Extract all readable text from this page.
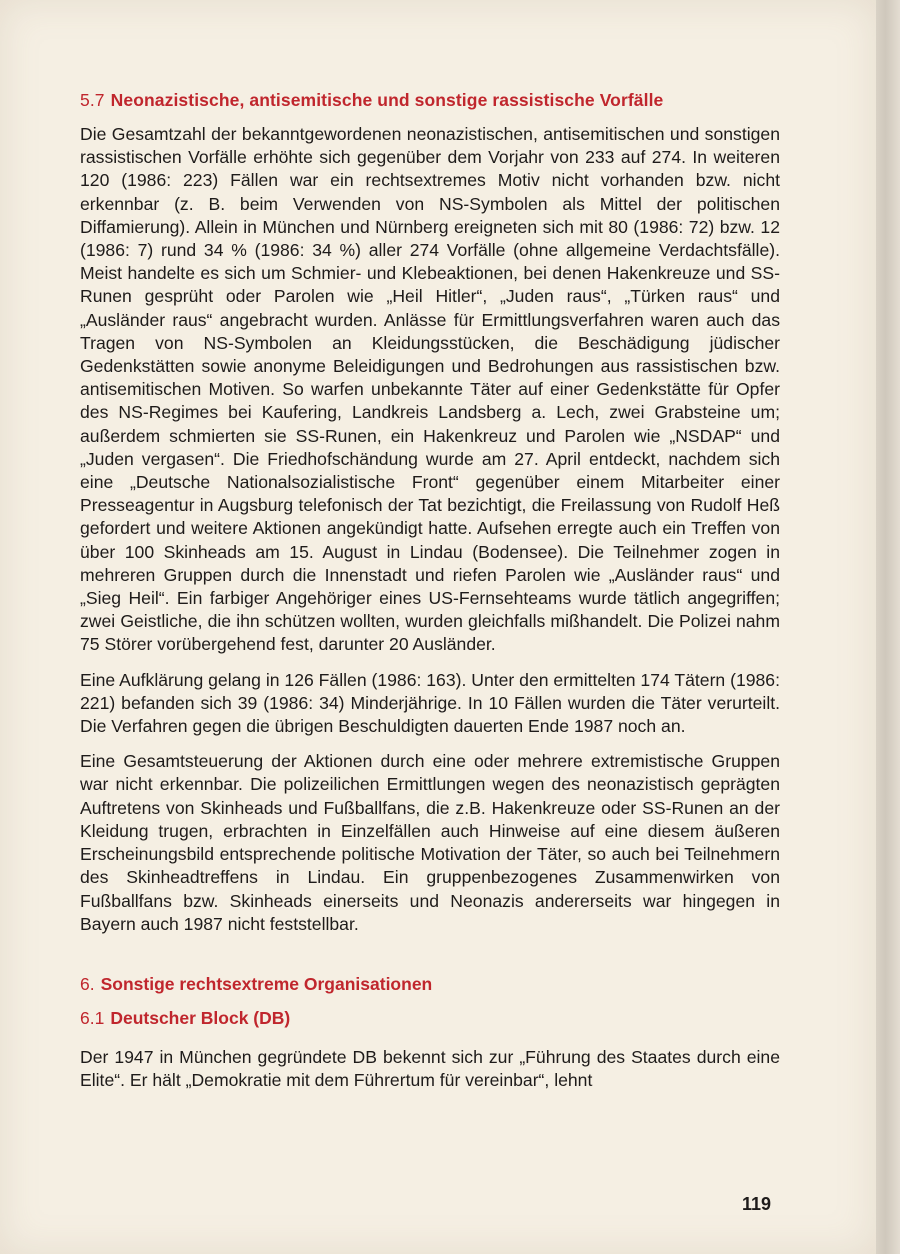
5.7 Neonazistische, antisemitische und sonstige rassistische Vorfälle

Die Gesamtzahl der bekanntgewordenen neonazistischen, antisemitischen und sonstigen rassistischen Vorfälle erhöhte sich gegenüber dem Vorjahr von 233 auf 274. In weiteren 120 (1986: 223) Fällen war ein rechtsextremes Motiv nicht vorhanden bzw. nicht erkennbar (z. B. beim Verwenden von NS-Symbolen als Mittel der politischen Diffamierung). Allein in München und Nürnberg ereigneten sich mit 80 (1986: 72) bzw. 12 (1986: 7) rund 34 % (1986: 34 %) aller 274 Vorfälle (ohne allgemeine Verdachtsfälle). Meist handelte es sich um Schmier- und Klebeaktionen, bei denen Hakenkreuze und SS-Runen gesprüht oder Parolen wie „Heil Hitler“, „Juden raus“, „Türken raus“ und „Ausländer raus“ angebracht wurden. Anlässe für Ermittlungsverfahren waren auch das Tragen von NS-Symbolen an Kleidungsstücken, die Beschädigung jüdischer Gedenkstätten sowie anonyme Beleidigungen und Bedrohungen aus rassistischen bzw. antisemitischen Motiven. So warfen unbekannte Täter auf einer Gedenkstätte für Opfer des NS-Regimes bei Kaufering, Landkreis Landsberg a. Lech, zwei Grabsteine um; außerdem schmierten sie SS-Runen, ein Hakenkreuz und Parolen wie „NSDAP“ und „Juden vergasen“. Die Friedhofschändung wurde am 27. April entdeckt, nachdem sich eine „Deutsche Nationalsozialistische Front“ gegenüber einem Mitarbeiter einer Presseagentur in Augsburg telefonisch der Tat bezichtigt, die Freilassung von Rudolf Heß gefordert und weitere Aktionen angekündigt hatte. Aufsehen erregte auch ein Treffen von über 100 Skinheads am 15. August in Lindau (Bodensee). Die Teilnehmer zogen in mehreren Gruppen durch die Innenstadt und riefen Parolen wie „Ausländer raus“ und „Sieg Heil“. Ein farbiger Angehöriger eines US-Fernsehteams wurde tätlich angegriffen; zwei Geistliche, die ihn schützen wollten, wurden gleichfalls mißhandelt. Die Polizei nahm 75 Störer vorübergehend fest, darunter 20 Ausländer.

Eine Aufklärung gelang in 126 Fällen (1986: 163). Unter den ermittelten 174 Tätern (1986: 221) befanden sich 39 (1986: 34) Minderjährige. In 10 Fällen wurden die Täter verurteilt. Die Verfahren gegen die übrigen Beschuldigten dauerten Ende 1987 noch an.

Eine Gesamtsteuerung der Aktionen durch eine oder mehrere extremistische Gruppen war nicht erkennbar. Die polizeilichen Ermittlungen wegen des neonazistisch geprägten Auftretens von Skinheads und Fußballfans, die z.B. Hakenkreuze oder SS-Runen an der Kleidung trugen, erbrachten in Einzelfällen auch Hinweise auf eine diesem äußeren Erscheinungsbild entsprechende politische Motivation der Täter, so auch bei Teilnehmern des Skinheadtreffens in Lindau. Ein gruppenbezogenes Zusammenwirken von Fußballfans bzw. Skinheads einerseits und Neonazis andererseits war hingegen in Bayern auch 1987 nicht feststellbar.

6. Sonstige rechtsextreme Organisationen
6.1 Deutscher Block (DB)

Der 1947 in München gegründete DB bekennt sich zur „Führung des Staates durch eine Elite“. Er hält „Demokratie mit dem Führertum für vereinbar“, lehnt

119
